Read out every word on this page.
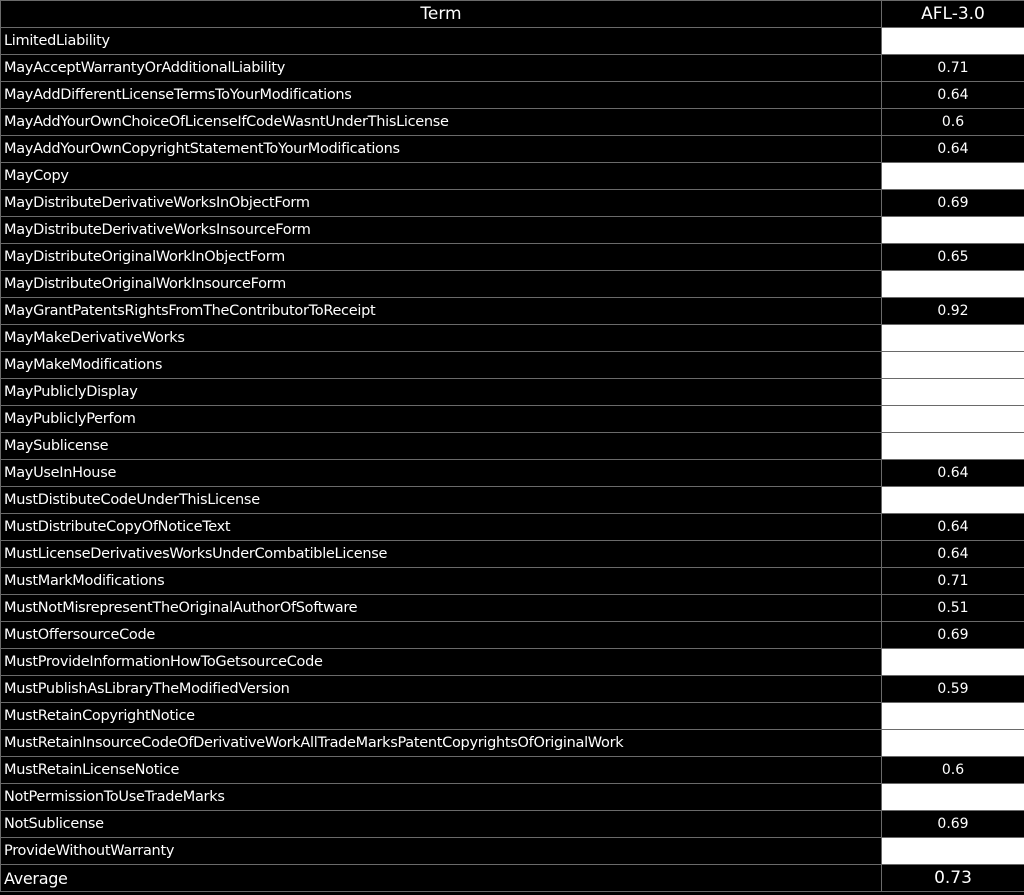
Term	AFL-3.0
LimitedLiability	
MayAcceptWarrantyOrAdditionalLiability	0.71
MayAddDifferentLicenseTermsToYourModifications	0.64
MayAddYourOwnChoiceOfLicenseIfCodeWasntUnderThisLicense	0.6
MayAddYourOwnCopyrightStatementToYourModifications	0.64
MayCopy	
MayDistributeDerivativeWorksInObjectForm	0.69
MayDistributeDerivativeWorksInsourceForm	
MayDistributeOriginalWorkInObjectForm	0.65
MayDistributeOriginalWorkInsourceForm	
MayGrantPatentsRightsFromTheContributorToReceipt	0.92
MayMakeDerivativeWorks	
MayMakeModifications	
MayPubliclyDisplay	
MayPubliclyPerfom	
MaySublicense	
MayUseInHouse	0.64
MustDistibuteCodeUnderThisLicense	
MustDistributeCopyOfNoticeText	0.64
MustLicenseDerivativesWorksUnderCombatibleLicense	0.64
MustMarkModifications	0.71
MustNotMisrepresentTheOriginalAuthorOfSoftware	0.51
MustOffersourceCode	0.69
MustProvideInformationHowToGetsourceCode	
MustPublishAsLibraryTheModifiedVersion	0.59
MustRetainCopyrightNotice	
MustRetainInsourceCodeOfDerivativeWorkAllTradeMarksPatentCopyrightsOfOriginalWork	
MustRetainLicenseNotice	0.6
NotPermissionToUseTradeMarks	
NotSublicense	0.69
ProvideWithoutWarranty	
Average	0.73
